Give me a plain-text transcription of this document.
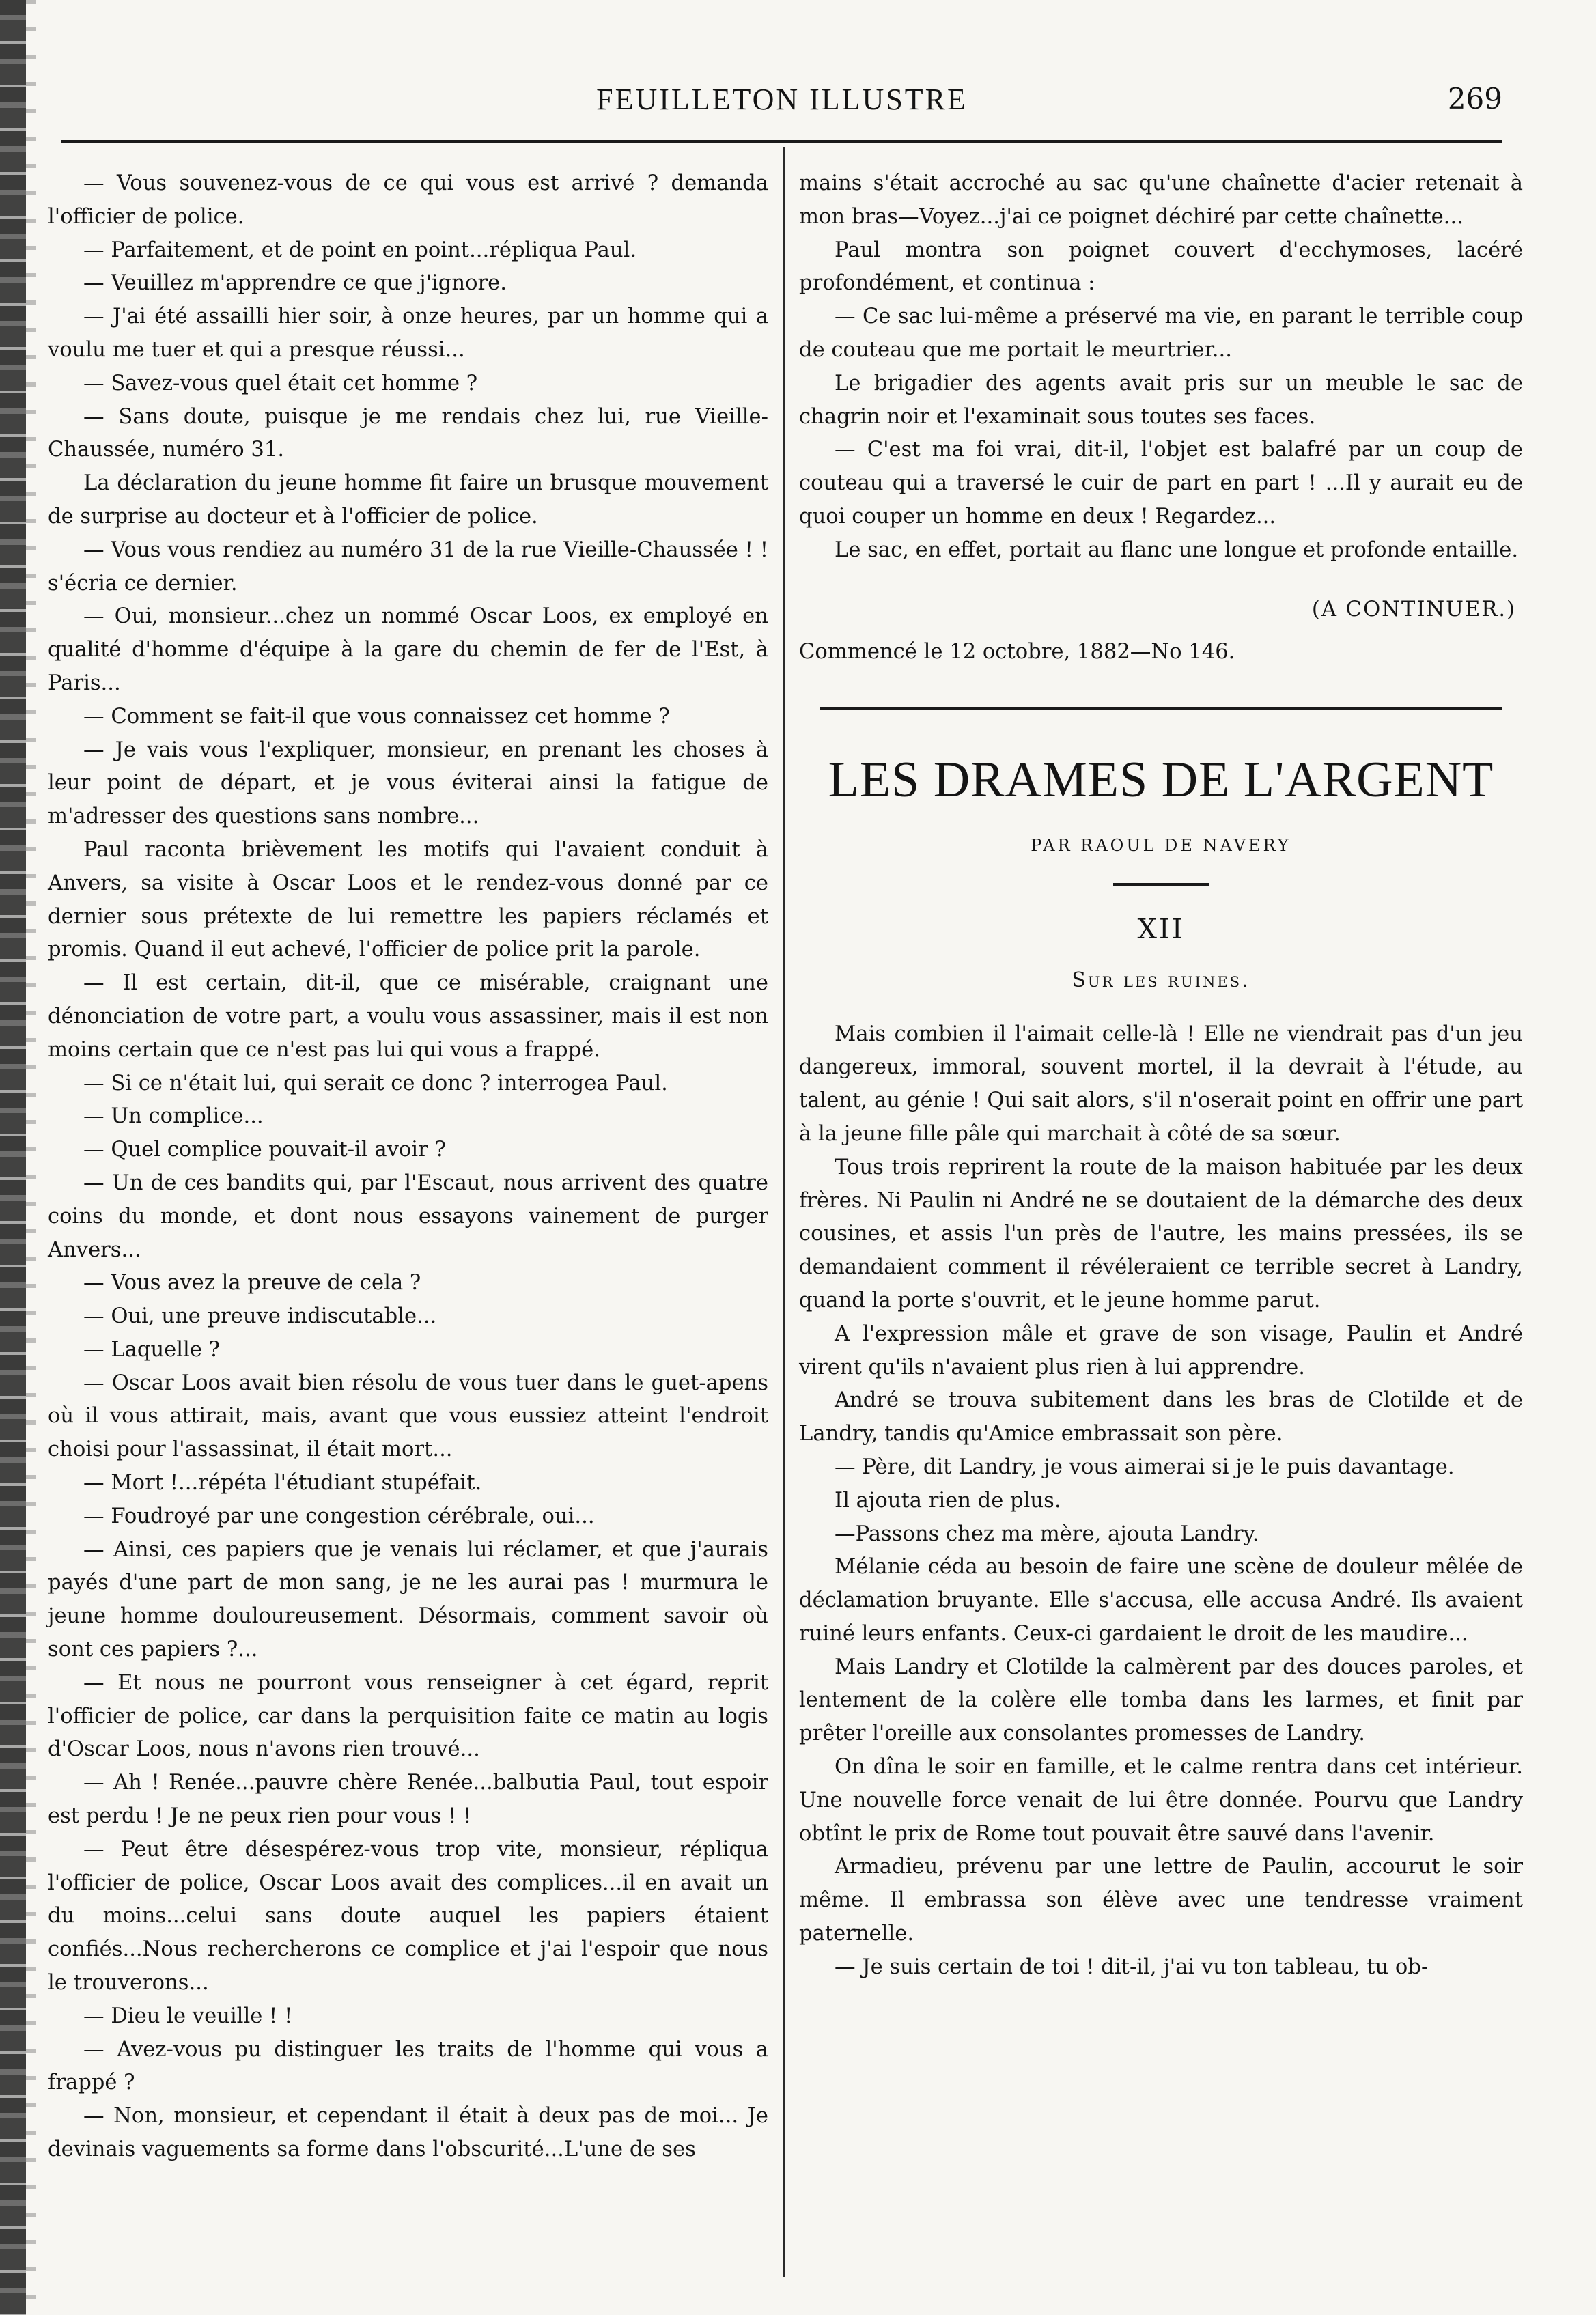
FEUILLETON ILLUSTRE	269

— Vous souvenez-vous de ce qui vous est arrivé ? demanda l'officier de police.

— Parfaitement, et de point en point...répliqua Paul.

— Veuillez m'apprendre ce que j'ignore.

— J'ai été assailli hier soir, à onze heures, par un homme qui a voulu me tuer et qui a presque réussi...

— Savez-vous quel était cet homme ?

— Sans doute, puisque je me rendais chez lui, rue Vieille-Chaussée, numéro 31.

La déclaration du jeune homme fit faire un brusque mouvement de surprise au docteur et à l'officier de police.

— Vous vous rendiez au numéro 31 de la rue Vieille-Chaussée ! ! s'écria ce dernier.

— Oui, monsieur...chez un nommé Oscar Loos, ex employé en qualité d'homme d'équipe à la gare du chemin de fer de l'Est, à Paris...

— Comment se fait-il que vous connaissez cet homme ?

— Je vais vous l'expliquer, monsieur, en prenant les choses à leur point de départ, et je vous éviterai ainsi la fatigue de m'adresser des questions sans nombre...

Paul raconta brièvement les motifs qui l'avaient conduit à Anvers, sa visite à Oscar Loos et le rendez-vous donné par ce dernier sous prétexte de lui remettre les papiers réclamés et promis. Quand il eut achevé, l'officier de police prit la parole.

— Il est certain, dit-il, que ce misérable, craignant une dénonciation de votre part, a voulu vous assassiner, mais il est non moins certain que ce n'est pas lui qui vous a frappé.

— Si ce n'était lui, qui serait ce donc ? interrogea Paul.

— Un complice...

— Quel complice pouvait-il avoir ?

— Un de ces bandits qui, par l'Escaut, nous arrivent des quatre coins du monde, et dont nous essayons vainement de purger Anvers...

— Vous avez la preuve de cela ?

— Oui, une preuve indiscutable...

— Laquelle ?

— Oscar Loos avait bien résolu de vous tuer dans le guet-apens où il vous attirait, mais, avant que vous eussiez atteint l'endroit choisi pour l'assassinat, il était mort...

— Mort !...répéta l'étudiant stupéfait.

— Foudroyé par une congestion cérébrale, oui...

— Ainsi, ces papiers que je venais lui réclamer, et que j'aurais payés d'une part de mon sang, je ne les aurai pas ! murmura le jeune homme douloureusement. Désormais, comment savoir où sont ces papiers ?...

— Et nous ne pourront vous renseigner à cet égard, reprit l'officier de police, car dans la perquisition faite ce matin au logis d'Oscar Loos, nous n'avons rien trouvé...

— Ah ! Renée...pauvre chère Renée...balbutia Paul, tout espoir est perdu ! Je ne peux rien pour vous ! !

— Peut être désespérez-vous trop vite, monsieur, répliqua l'officier de police, Oscar Loos avait des complices...il en avait un du moins...celui sans doute auquel les papiers étaient confiés...Nous rechercherons ce complice et j'ai l'espoir que nous le trouverons...

— Dieu le veuille ! !

— Avez-vous pu distinguer les traits de l'homme qui vous a frappé ?

— Non, monsieur, et cependant il était à deux pas de moi... Je devinais vaguements sa forme dans l'obscurité...L'une de ses

mains s'était accroché au sac qu'une chaînette d'acier retenait à mon bras—Voyez...j'ai ce poignet déchiré par cette chaînette...

Paul montra son poignet couvert d'ecchymoses, lacéré profondément, et continua :

— Ce sac lui-même a préservé ma vie, en parant le terrible coup de couteau que me portait le meurtrier...

Le brigadier des agents avait pris sur un meuble le sac de chagrin noir et l'examinait sous toutes ses faces.

— C'est ma foi vrai, dit-il, l'objet est balafré par un coup de couteau qui a traversé le cuir de part en part ! ...Il y aurait eu de quoi couper un homme en deux ! Regardez...

Le sac, en effet, portait au flanc une longue et profonde entaille.

(A CONTINUER.)

Commencé le 12 octobre, 1882—No 146.

LES DRAMES DE L'ARGENT
PAR RAOUL DE NAVERY
XII
Sur les ruines.

Mais combien il l'aimait celle-là ! Elle ne viendrait pas d'un jeu dangereux, immoral, souvent mortel, il la devrait à l'étude, au talent, au génie ! Qui sait alors, s'il n'oserait point en offrir une part à la jeune fille pâle qui marchait à côté de sa sœur.

Tous trois reprirent la route de la maison habituée par les deux frères. Ni Paulin ni André ne se doutaient de la démarche des deux cousines, et assis l'un près de l'autre, les mains pressées, ils se demandaient comment il révéleraient ce terrible secret à Landry, quand la porte s'ouvrit, et le jeune homme parut.

A l'expression mâle et grave de son visage, Paulin et André virent qu'ils n'avaient plus rien à lui apprendre.

André se trouva subitement dans les bras de Clotilde et de Landry, tandis qu'Amice embrassait son père.

— Père, dit Landry, je vous aimerai si je le puis davantage.

Il ajouta rien de plus.

—Passons chez ma mère, ajouta Landry.

Mélanie céda au besoin de faire une scène de douleur mêlée de déclamation bruyante. Elle s'accusa, elle accusa André. Ils avaient ruiné leurs enfants. Ceux-ci gardaient le droit de les maudire...

Mais Landry et Clotilde la calmèrent par des douces paroles, et lentement de la colère elle tomba dans les larmes, et finit par prêter l'oreille aux consolantes promesses de Landry.

On dîna le soir en famille, et le calme rentra dans cet intérieur. Une nouvelle force venait de lui être donnée. Pourvu que Landry obtînt le prix de Rome tout pouvait être sauvé dans l'avenir.

Armadieu, prévenu par une lettre de Paulin, accourut le soir même. Il embrassa son élève avec une tendresse vraiment paternelle.

— Je suis certain de toi ! dit-il, j'ai vu ton tableau, tu ob-
